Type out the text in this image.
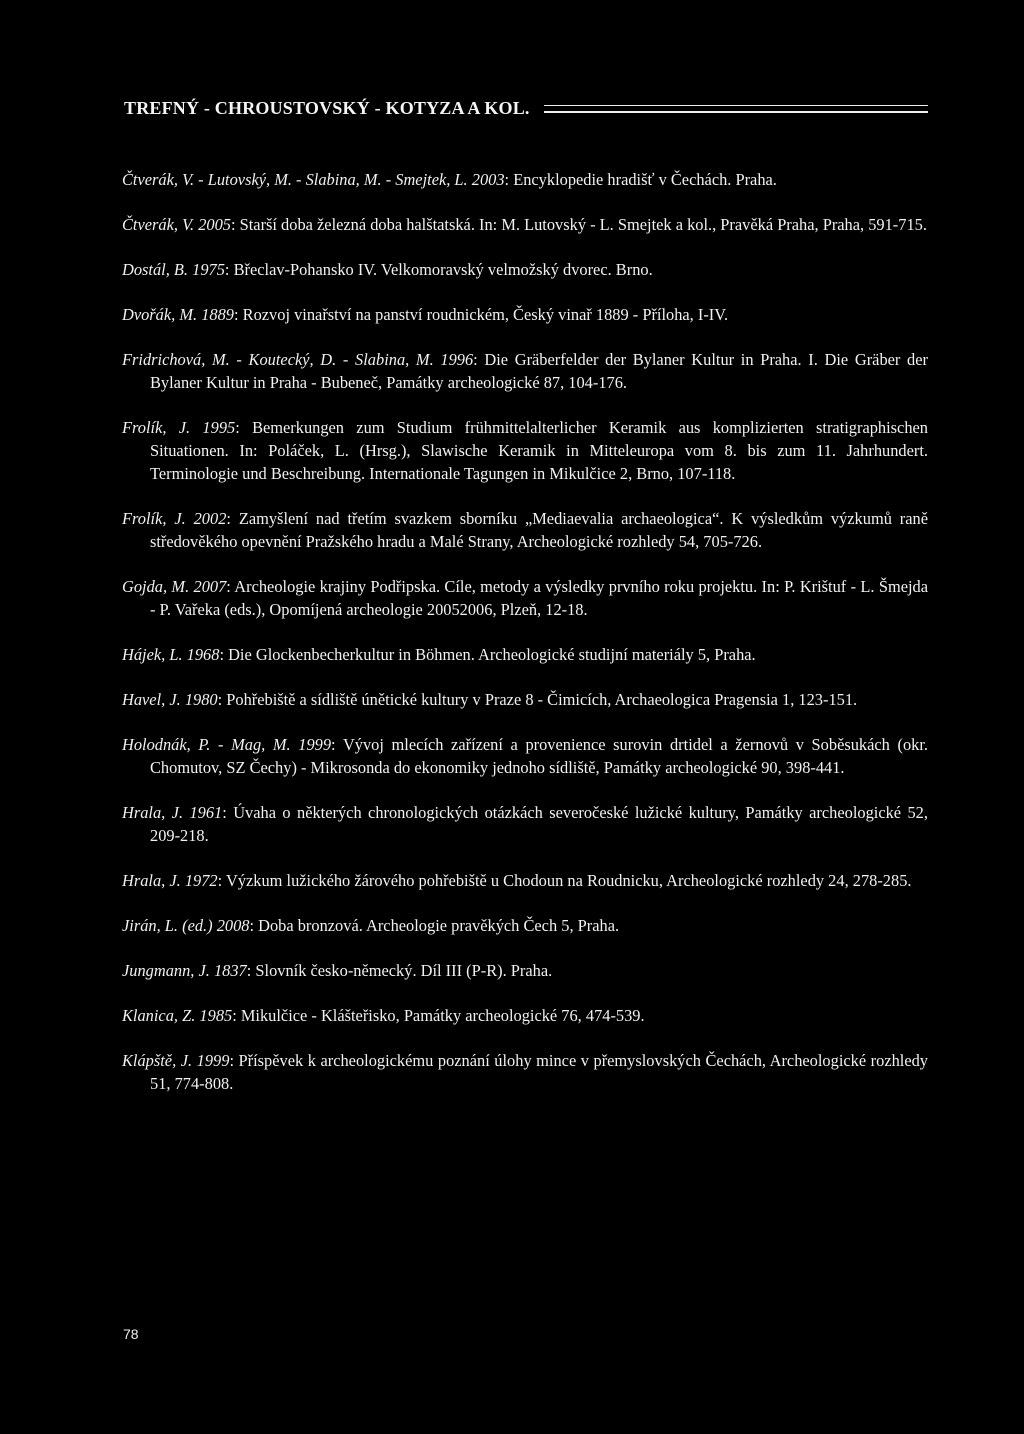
TREFNÝ - CHROUSTOVSKÝ - KOTYZA A KOL.

Čtverák, V. - Lutovský, M. - Slabina, M. - Smejtek, L. 2003: Encyklopedie hradišť v Čechách. Praha.

Čtverák, V. 2005: Starší doba železná doba halštatská. In: M. Lutovský - L. Smejtek a kol., Pravěká Praha, Praha, 591-715.

Dostál, B. 1975: Břeclav-Pohansko IV. Velkomoravský velmožský dvorec. Brno.

Dvořák, M. 1889: Rozvoj vinařství na panství roudnickém, Český vinař 1889 - Příloha, I-IV.

Fridrichová, M. - Koutecký, D. - Slabina, M. 1996: Die Gräberfelder der Bylaner Kultur in Praha. I. Die Gräber der Bylaner Kultur in Praha - Bubeneč, Památky archeologické 87, 104-176.

Frolík, J. 1995: Bemerkungen zum Studium frühmittelalterlicher Keramik aus komplizierten stratigraphischen Situationen. In: Poláček, L. (Hrsg.), Slawische Keramik in Mitteleuropa vom 8. bis zum 11. Jahrhundert. Terminologie und Beschreibung. Internationale Tagungen in Mikulčice 2, Brno, 107-118.

Frolík, J. 2002: Zamyšlení nad třetím svazkem sborníku „Mediaevalia archaeologica“. K výsledkům výzkumů raně středověkého opevnění Pražského hradu a Malé Strany, Archeologické rozhledy 54, 705-726.

Gojda, M. 2007: Archeologie krajiny Podřipska. Cíle, metody a výsledky prvního roku projektu. In: P. Krištuf - L. Šmejda - P. Vařeka (eds.), Opomíjená archeologie 20052006, Plzeň, 12-18.

Hájek, L. 1968: Die Glockenbecherkultur in Böhmen. Archeologické studijní materiály 5, Praha.

Havel, J. 1980: Pohřebiště a sídliště únětické kultury v Praze 8 - Čimicích, Archaeologica Pragensia 1, 123-151.

Holodnák, P. - Mag, M. 1999: Vývoj mlecích zařízení a provenience surovin drtidel a žernovů v Soběsukách (okr. Chomutov, SZ Čechy) - Mikrosonda do ekonomiky jednoho sídliště, Památky archeologické 90, 398-441.

Hrala, J. 1961: Úvaha o některých chronologických otázkách severočeské lužické kultury, Památky archeologické 52, 209-218.

Hrala, J. 1972: Výzkum lužického žárového pohřebiště u Chodoun na Roudnicku, Archeologické rozhledy 24, 278-285.

Jirán, L. (ed.) 2008: Doba bronzová. Archeologie pravěkých Čech 5, Praha.

Jungmann, J. 1837: Slovník česko-německý. Díl III (P-R). Praha.

Klanica, Z. 1985: Mikulčice - Klášteřisko, Památky archeologické 76, 474-539.

Klápště, J. 1999: Příspěvek k archeologickému poznání úlohy mince v přemyslovských Čechách, Archeologické rozhledy 51, 774-808.

78
